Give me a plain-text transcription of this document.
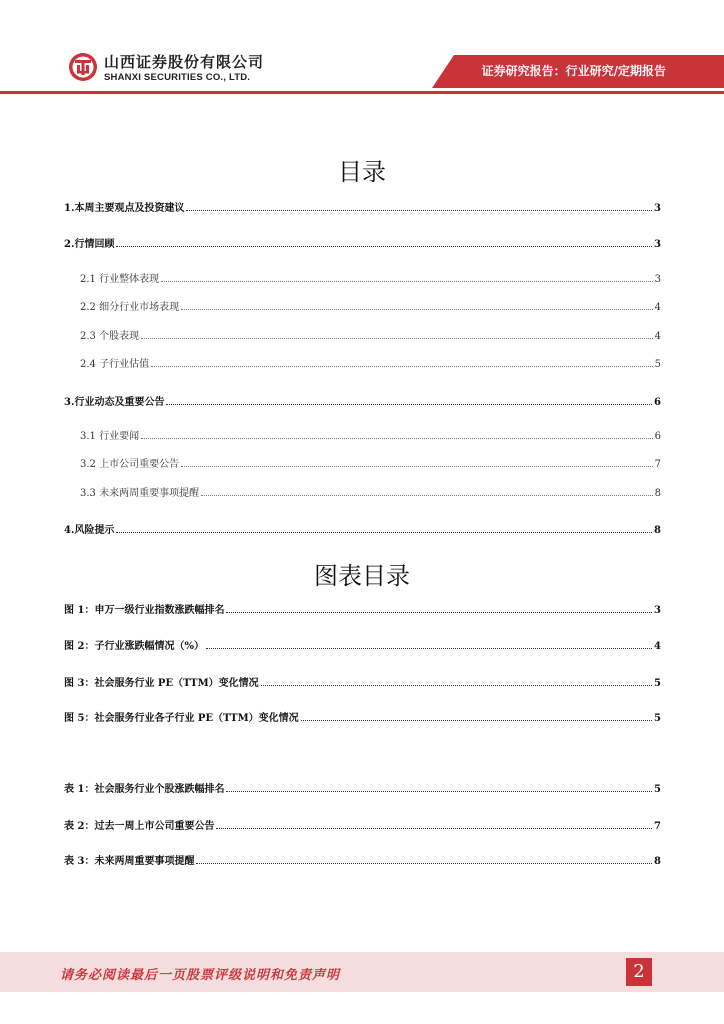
山西证券股份有限公司
SHANXI SECURITIES CO., LTD.	证券研究报告：行业研究/定期报告
目录
1.本周主要观点及投资建议	3
2.行情回顾	3
2.1 行业整体表现	3
2.2 细分行业市场表现	4
2.3 个股表现	4
2.4 子行业估值	5
3.行业动态及重要公告	6
3.1 行业要闻	6
3.2 上市公司重要公告	7
3.3 未来两周重要事项提醒	8
4.风险提示	8
图表目录
图 1：申万一级行业指数涨跌幅排名	3
图 2：子行业涨跌幅情况（%）	4
图 3：社会服务行业 PE（TTM）变化情况	5
图 5：社会服务行业各子行业 PE（TTM）变化情况	5
表 1：社会服务行业个股涨跌幅排名	5
表 2：过去一周上市公司重要公告	7
表 3：未来两周重要事项提醒	8
请务必阅读最后一页股票评级说明和免责声明	2
